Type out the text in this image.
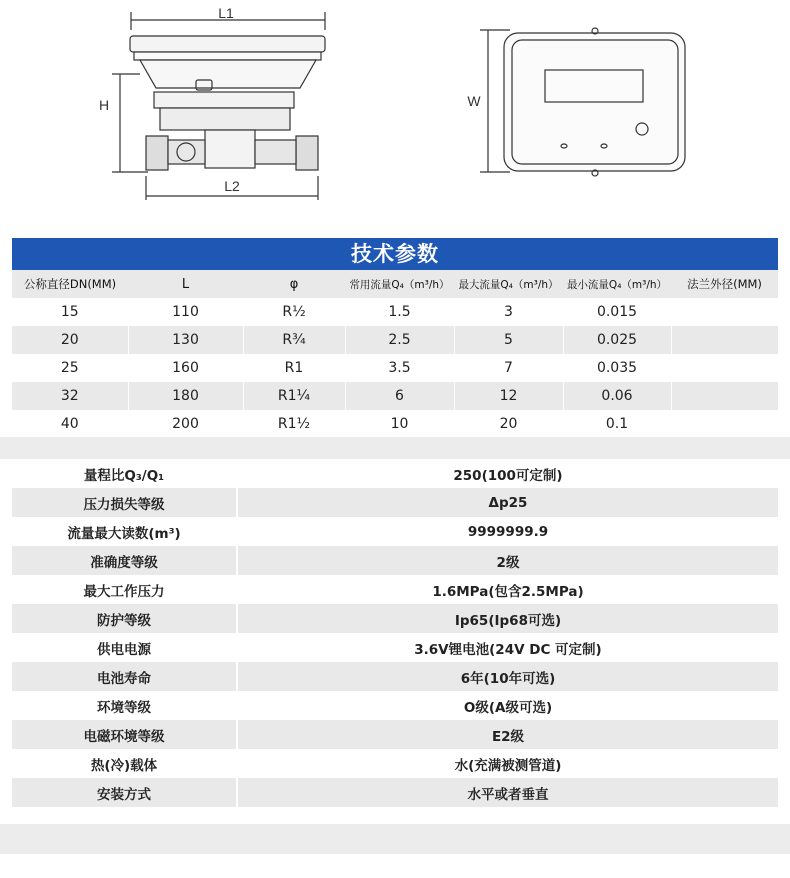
L1
H
L2
W
技术参数
公称直径DN(MM)	L	φ	常用流量Q₄（m³/h）	最大流量Q₄（m³/h）	最小流量Q₄（m³/h）	法兰外径(MM)
15	110	R½	1.5	3	0.015	
20	130	R¾	2.5	5	0.025	
25	160	R1	3.5	7	0.035	
32	180	R1¼	6	12	0.06	
40	200	R1½	10	20	0.1	
量程比Q₃/Q₁	250(100可定制)
压力损失等级	Δp25
流量最大读数(m³)	9999999.9
准确度等级	2级
最大工作压力	1.6MPa(包含2.5MPa)
防护等级	Ip65(Ip68可选)
供电电源	3.6V锂电池(24V DC 可定制)
电池寿命	6年(10年可选)
环境等级	O级(A级可选)
电磁环境等级	E2级
热(冷)载体	水(充满被测管道)
安装方式	水平或者垂直
